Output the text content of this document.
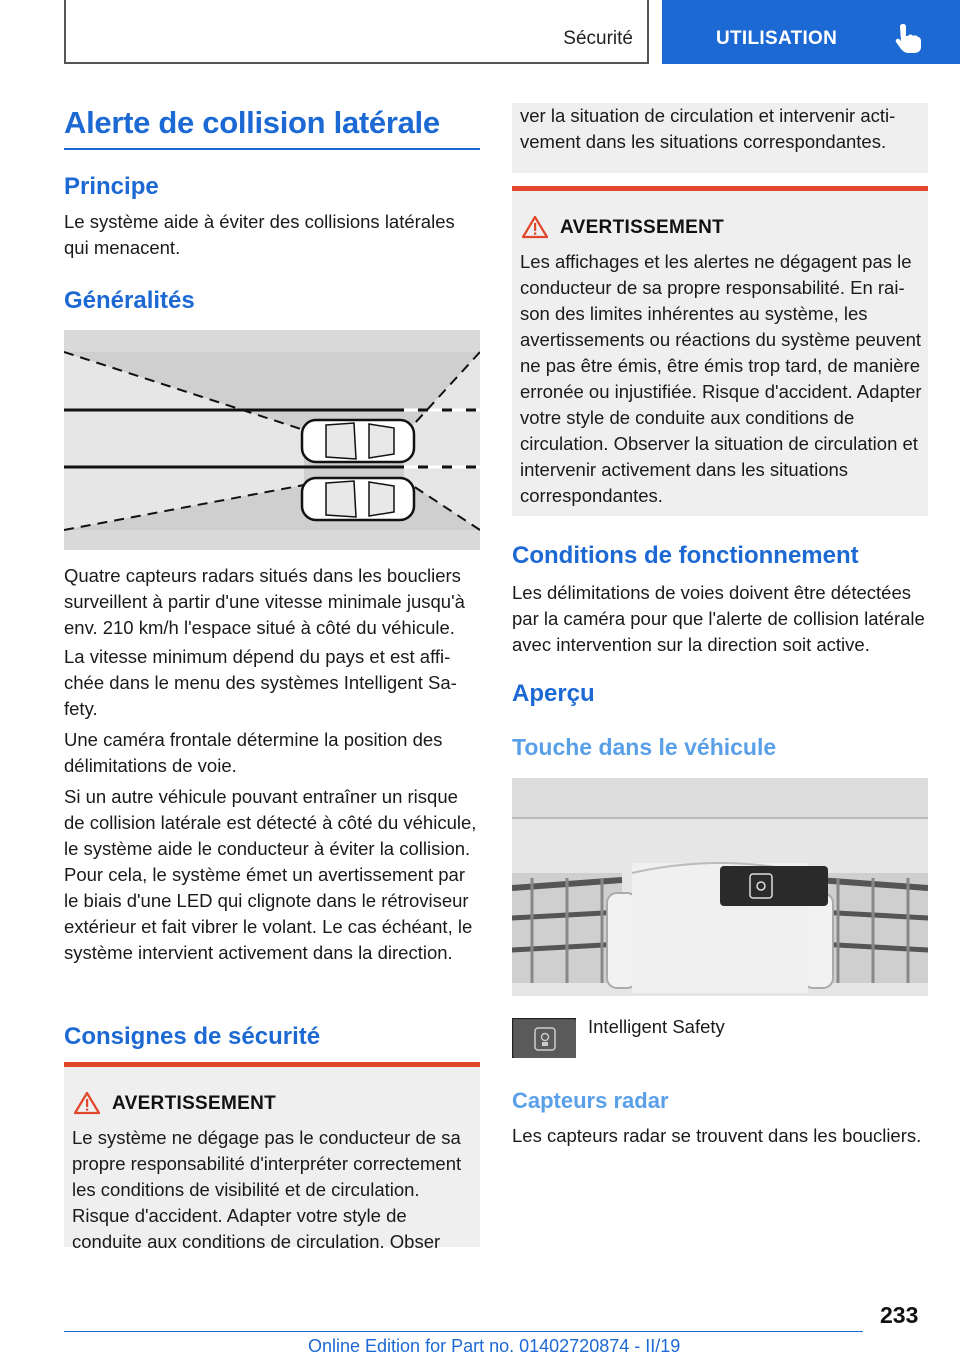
Sécurité	UTILISATION
Alerte de collision latérale
Principe
Le système aide à éviter des collisions latérales qui menacent.
Généralités
Quatre capteurs radars situés dans les boucliers surveillent à partir d'une vitesse minimale jusqu'à env. 210 km/h l'espace situé à côté du véhicule.
La vitesse minimum dépend du pays et est affichée dans le menu des systèmes Intelligent Safety.
Une caméra frontale détermine la position des délimitations de voie.
Si un autre véhicule pouvant entraîner un risque de collision latérale est détecté à côté du véhicule, le système aide le conducteur à éviter la collision. Pour cela, le système émet un avertissement par le biais d'une LED qui clignote dans le rétroviseur extérieur et fait vibrer le volant. Le cas échéant, le système intervient activement dans la direction.
Consignes de sécurité
AVERTISSEMENT
Le système ne dégage pas le conducteur de sa propre responsabilité d'interpréter correctement les conditions de visibilité et de circulation. Risque d'accident. Adapter votre style de conduite aux conditions de circulation. Obser
ver la situation de circulation et intervenir activement dans les situations correspondantes.
AVERTISSEMENT
Les affichages et les alertes ne dégagent pas le conducteur de sa propre responsabilité. En raison des limites inhérentes au système, les avertissements ou réactions du système peuvent ne pas être émis, être émis trop tard, de manière erronée ou injustifiée. Risque d'accident. Adapter votre style de conduite aux conditions de circulation. Observer la situation de circulation et intervenir activement dans les situations correspondantes.
Conditions de fonctionnement
Les délimitations de voies doivent être détectées par la caméra pour que l'alerte de collision latérale avec intervention sur la direction soit active.
Aperçu
Touche dans le véhicule
Intelligent Safety
Capteurs radar
Les capteurs radar se trouvent dans les boucliers.
233
Online Edition for Part no. 01402720874 - II/19
